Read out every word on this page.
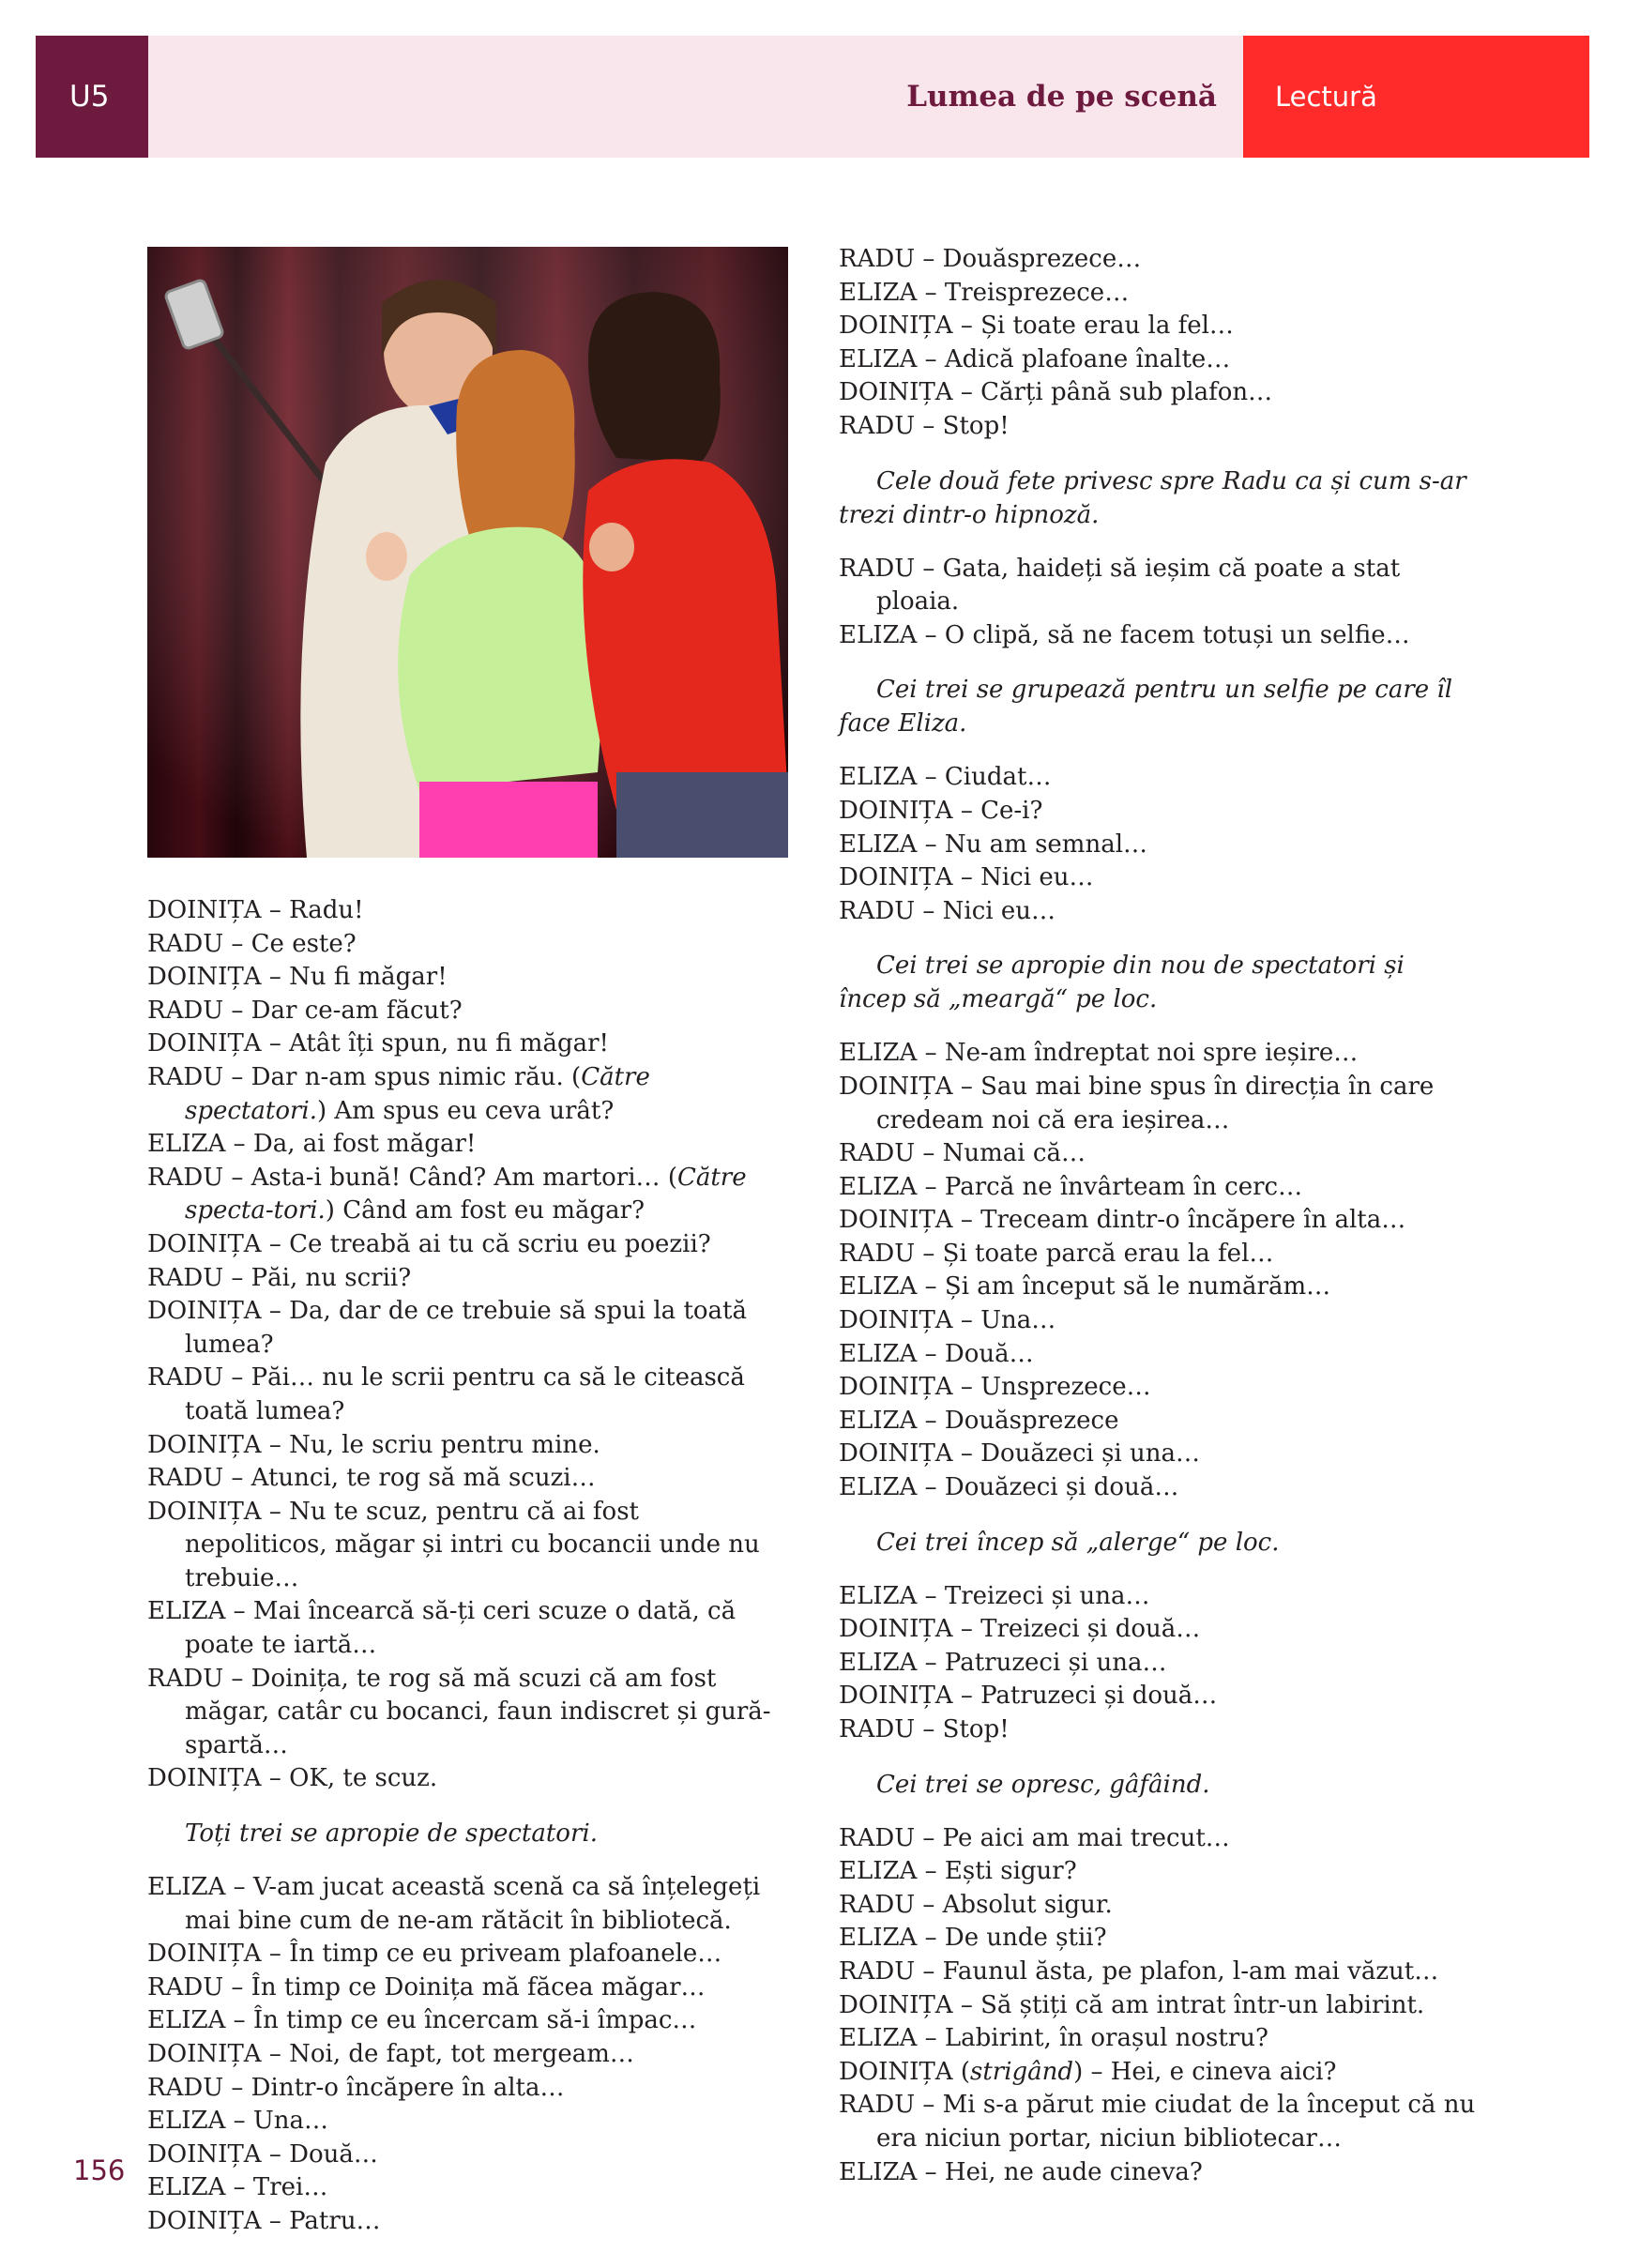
U5	Lumea de pe scenă Lectură
DOINIȚA – Radu!
RADU – Ce este?
DOINIȚA – Nu fi măgar!
RADU – Dar ce-am făcut?
DOINIȚA – Atât îți spun, nu fi măgar!
RADU – Dar n-am spus nimic rău. (Către spectatori.) Am spus eu ceva urât?
ELIZA – Da, ai fost măgar!
RADU – Asta-i bună! Când? Am martori… (Către specta-tori.) Când am fost eu măgar?
DOINIȚA – Ce treabă ai tu că scriu eu poezii?
RADU – Păi, nu scrii?
DOINIȚA – Da, dar de ce trebuie să spui la toată lumea?
RADU – Păi… nu le scrii pentru ca să le citească toată lumea?
DOINIȚA – Nu, le scriu pentru mine.
RADU – Atunci, te rog să mă scuzi…
DOINIȚA – Nu te scuz, pentru că ai fost nepoliticos, măgar și intri cu bocancii unde nu trebuie…
ELIZA – Mai încearcă să-ți ceri scuze o dată, că poate te iartă…
RADU – Doinița, te rog să mă scuzi că am fost măgar, catâr cu bocanci, faun indiscret și gură-spartă…
DOINIȚA – OK, te scuz.
Toți trei se apropie de spectatori.
ELIZA – V-am jucat această scenă ca să înțelegeți mai bine cum de ne-am rătăcit în bibliotecă.
DOINIȚA – În timp ce eu priveam plafoanele…
RADU – În timp ce Doinița mă făcea măgar…
ELIZA – În timp ce eu încercam să-i împac…
DOINIȚA – Noi, de fapt, tot mergeam…
RADU – Dintr-o încăpere în alta…
ELIZA – Una…
DOINIȚA – Două…
ELIZA – Trei…
DOINIȚA – Patru…
RADU – Douăsprezece…
ELIZA – Treisprezece…
DOINIȚA – Și toate erau la fel…
ELIZA – Adică plafoane înalte…
DOINIȚA – Cărți până sub plafon…
RADU – Stop!
Cele două fete privesc spre Radu ca și cum s-ar trezi dintr-o hipnoză.
RADU – Gata, haideți să ieșim că poate a stat ploaia.
ELIZA – O clipă, să ne facem totuși un selfie…
Cei trei se grupează pentru un selfie pe care îl face Eliza.
ELIZA – Ciudat…
DOINIȚA – Ce-i?
ELIZA – Nu am semnal…
DOINIȚA – Nici eu…
RADU – Nici eu…
Cei trei se apropie din nou de spectatori și încep să „meargă“ pe loc.
ELIZA – Ne-am îndreptat noi spre ieșire…
DOINIȚA – Sau mai bine spus în direcția în care credeam noi că era ieșirea…
RADU – Numai că…
ELIZA – Parcă ne învârteam în cerc…
DOINIȚA – Treceam dintr-o încăpere în alta…
RADU – Și toate parcă erau la fel…
ELIZA – Și am început să le numărăm…
DOINIȚA – Una…
ELIZA – Două…
DOINIȚA – Unsprezece…
ELIZA – Douăsprezece
DOINIȚA – Douăzeci și una…
ELIZA – Douăzeci și două…
Cei trei încep să „alerge“ pe loc.
ELIZA – Treizeci și una…
DOINIȚA – Treizeci și două…
ELIZA – Patruzeci și una…
DOINIȚA – Patruzeci și două…
RADU – Stop!
Cei trei se opresc, gâfâind.
RADU – Pe aici am mai trecut…
ELIZA – Ești sigur?
RADU – Absolut sigur.
ELIZA – De unde știi?
RADU – Faunul ăsta, pe plafon, l-am mai văzut…
DOINIȚA – Să știți că am intrat într-un labirint.
ELIZA – Labirint, în orașul nostru?
DOINIȚA (strigând) – Hei, e cineva aici?
RADU – Mi s-a părut mie ciudat de la început că nu era niciun portar, niciun bibliotecar…
ELIZA – Hei, ne aude cineva?
156
